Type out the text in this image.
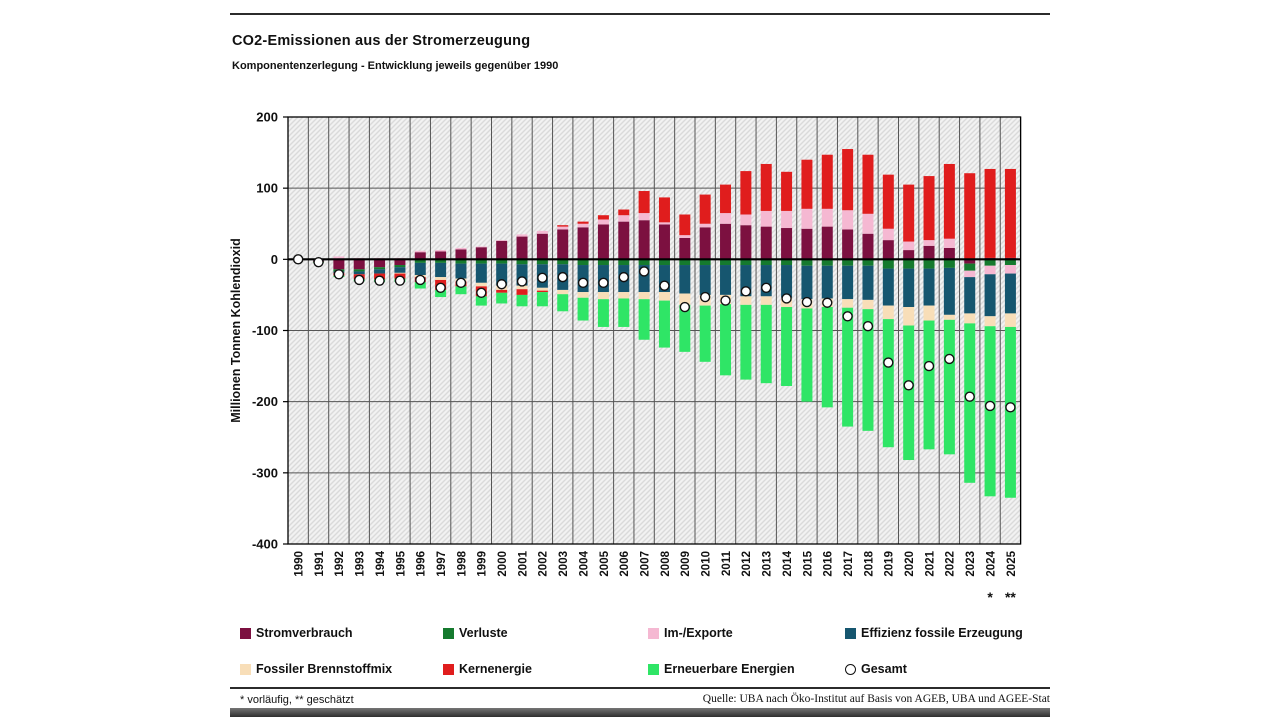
CO2-Emissionen aus der Stromerzeugung
Komponentenzerlegung - Entwicklung jeweils gegenüber 1990
200
100
0
-100
-200
-300
-400
1990 1991 1992 1993 1994 1995 1996 1997 1998 1999 2000 2001 2002 2003 2004 2005 2006 2007 2008 2009 2010 2011 2012 2013 2014 2015 2016 2017 2018 2019 2020 2021 2022 2023 2024
*
2025
**
Millionen Tonnen Kohlendioxid
Stromverbrauch	Verluste	Im-/Exporte	Effizienz fossile Erzeugung
Fossiler Brennstoffmix	Kernenergie	Erneuerbare Energien	Gesamt
* vorläufig, ** geschätzt	Quelle: UBA nach Öko-Institut auf Basis von AGEB, UBA und AGEE-Stat
